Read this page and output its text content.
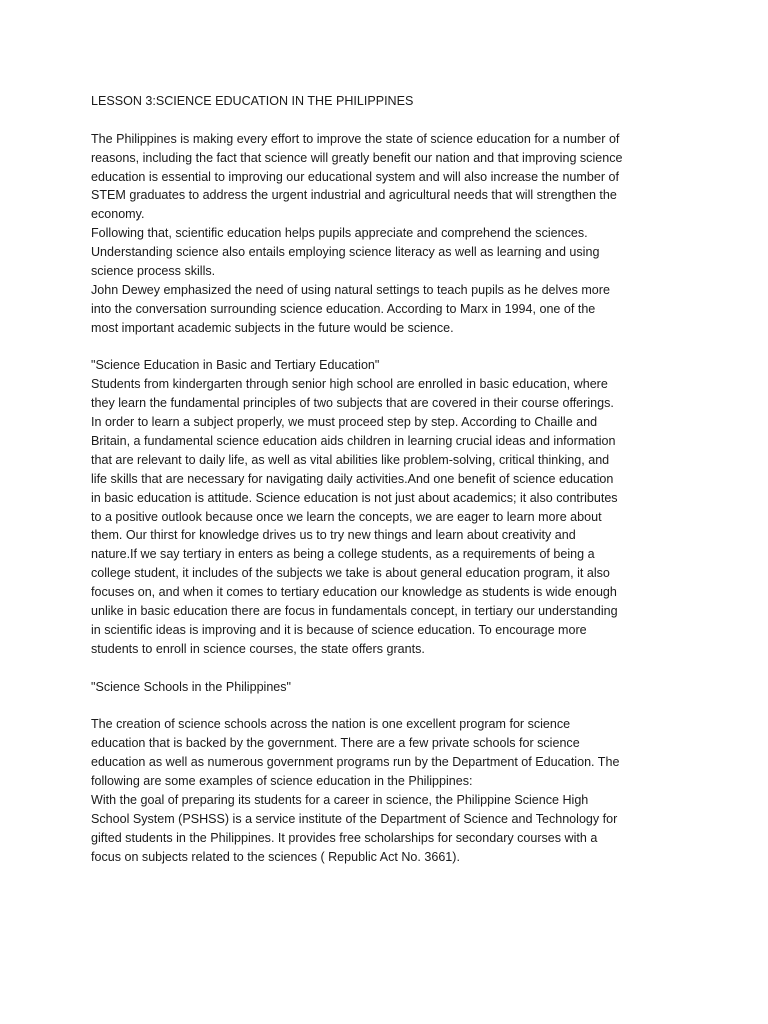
LESSON 3:SCIENCE EDUCATION IN THE PHILIPPINES
The Philippines is making every effort to improve the state of science education for a number of
reasons, including the fact that science will greatly benefit our nation and that improving science
education is essential to improving our educational system and will also increase the number of
STEM graduates to address the urgent industrial and agricultural needs that will strengthen the
economy.
Following that, scientific education helps pupils appreciate and comprehend the sciences.
Understanding science also entails employing science literacy as well as learning and using
science process skills.
John Dewey emphasized the need of using natural settings to teach pupils as he delves more
into the conversation surrounding science education. According to Marx in 1994, one of the
most important academic subjects in the future would be science.
"Science Education in Basic and Tertiary Education"
Students from kindergarten through senior high school are enrolled in basic education, where
they learn the fundamental principles of two subjects that are covered in their course offerings.
In order to learn a subject properly, we must proceed step by step. According to Chaille and
Britain, a fundamental science education aids children in learning crucial ideas and information
that are relevant to daily life, as well as vital abilities like problem-solving, critical thinking, and
life skills that are necessary for navigating daily activities.And one benefit of science education
in basic education is attitude. Science education is not just about academics; it also contributes
to a positive outlook because once we learn the concepts, we are eager to learn more about
them. Our thirst for knowledge drives us to try new things and learn about creativity and
nature.If we say tertiary in enters as being a college students, as a requirements of being a
college student, it includes of the subjects we take is about general education program, it also
focuses on, and when it comes to tertiary education our knowledge as students is wide enough
unlike in basic education there are focus in fundamentals concept, in tertiary our understanding
in scientific ideas is improving and it is because of science education. To encourage more
students to enroll in science courses, the state offers grants.
"Science Schools in the Philippines"
The creation of science schools across the nation is one excellent program for science
education that is backed by the government. There are a few private schools for science
education as well as numerous government programs run by the Department of Education. The
following are some examples of science education in the Philippines:
With the goal of preparing its students for a career in science, the Philippine Science High
School System (PSHSS) is a service institute of the Department of Science and Technology for
gifted students in the Philippines. It provides free scholarships for secondary courses with a
focus on subjects related to the sciences ( Republic Act No. 3661).
